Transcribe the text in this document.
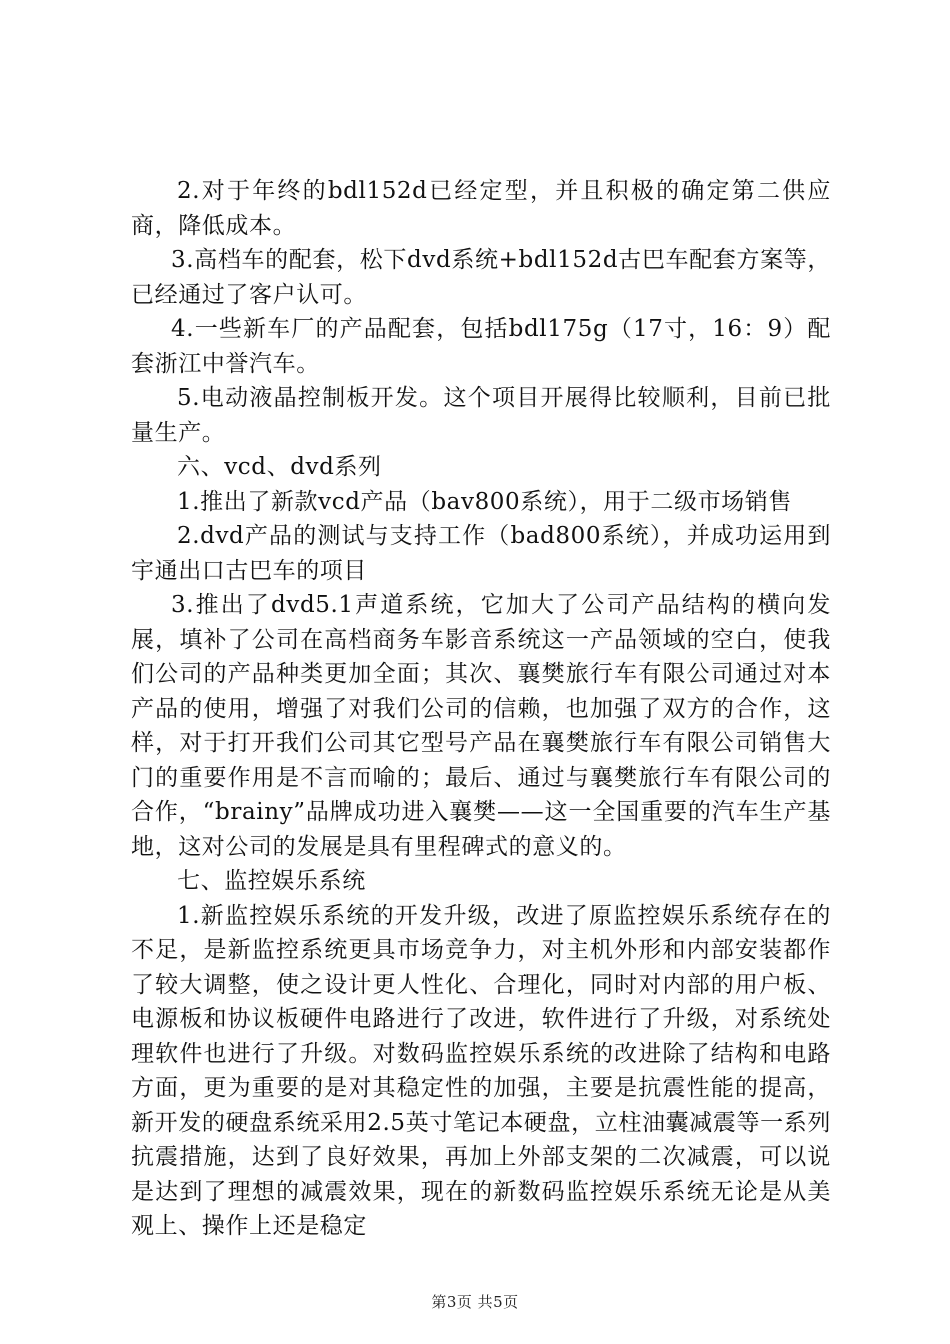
2.对于年终的bdl152d已经定型，并且积极的确定第二供应商，降低成本。

3.高档车的配套，松下dvd系统+bdl152d古巴车配套方案等，已经通过了客户认可。

4.一些新车厂的产品配套，包括bdl175g（17寸，16：9）配套浙江中誉汽车。

5.电动液晶控制板开发。这个项目开展得比较顺利，目前已批量生产。

六、vcd、dvd系列

1.推出了新款vcd产品（bav800系统），用于二级市场销售

2.dvd产品的测试与支持工作（bad800系统），并成功运用到宇通出口古巴车的项目

3.推出了dvd5.1声道系统，它加大了公司产品结构的横向发展，填补了公司在高档商务车影音系统这一产品领域的空白，使我们公司的产品种类更加全面；其次、襄樊旅行车有限公司通过对本产品的使用，增强了对我们公司的信赖，也加强了双方的合作，这样，对于打开我们公司其它型号产品在襄樊旅行车有限公司销售大门的重要作用是不言而喻的；最后、通过与襄樊旅行车有限公司的合作，“brainy”品牌成功进入襄樊——这一全国重要的汽车生产基地，这对公司的发展是具有里程碑式的意义的。

七、监控娱乐系统

1.新监控娱乐系统的开发升级，改进了原监控娱乐系统存在的不足，是新监控系统更具市场竞争力，对主机外形和内部安装都作了较大调整，使之设计更人性化、合理化，同时对内部的用户板、电源板和协议板硬件电路进行了改进，软件进行了升级，对系统处理软件也进行了升级。对数码监控娱乐系统的改进除了结构和电路方面，更为重要的是对其稳定性的加强，主要是抗震性能的提高，新开发的硬盘系统采用2.5英寸笔记本硬盘，立柱油囊减震等一系列抗震措施，达到了良好效果，再加上外部支架的二次减震，可以说是达到了理想的减震效果，现在的新数码监控娱乐系统无论是从美观上、操作上还是稳定

第3页 共5页
